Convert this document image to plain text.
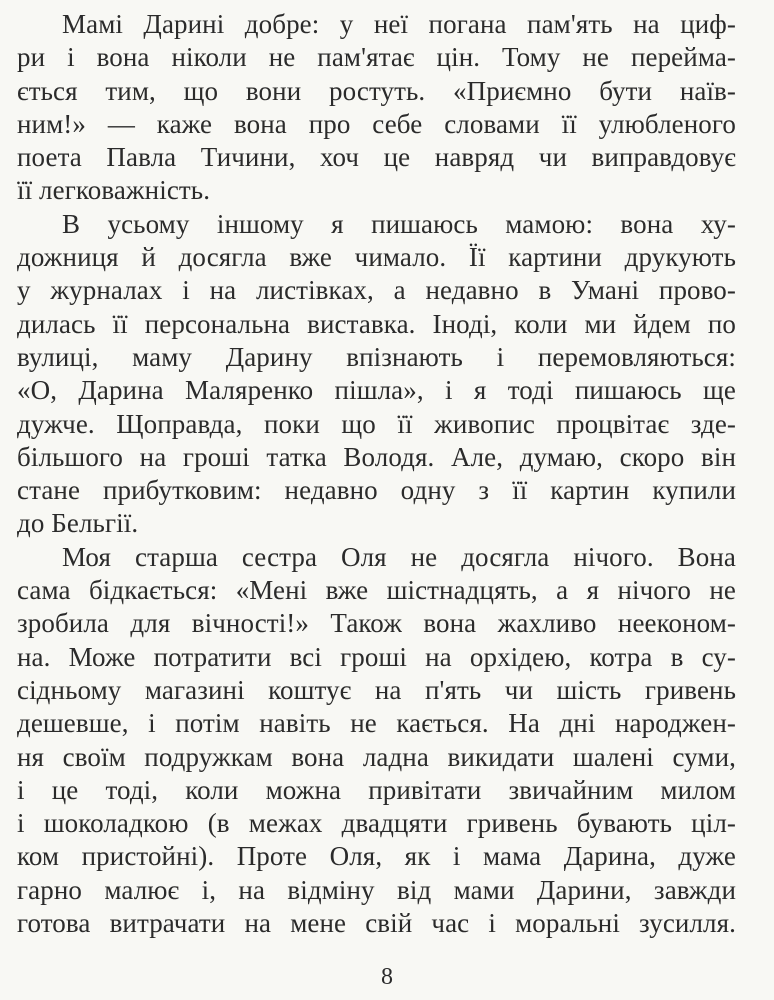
Мамі Дарині добре: у неї погана пам'ять на циф-
ри і вона ніколи не пам'ятає цін. Тому не перейма-
ється тим, що вони ростуть. «Приємно бути наїв-
ним!» — каже вона про себе словами її улюбленого
поета Павла Тичини, хоч це навряд чи виправдовує
її легковажність.

В усьому іншому я пишаюсь мамою: вона ху-
дожниця й досягла вже чимало. Її картини друкують
у журналах і на листівках, а недавно в Умані прово-
дилась її персональна виставка. Іноді, коли ми йдем по
вулиці, маму Дарину впізнають і перемовляються:
«О, Дарина Маляренко пішла», і я тоді пишаюсь ще
дужче. Щоправда, поки що її живопис процвітає зде-
більшого на гроші татка Володя. Але, думаю, скоро він
стане прибутковим: недавно одну з її картин купили
до Бельгії.

Моя старша сестра Оля не досягла нічого. Вона
сама бідкається: «Мені вже шістнадцять, а я нічого не
зробила для вічності!» Також вона жахливо нееконом-
на. Може потратити всі гроші на орхідею, котра в су-
сідньому магазині коштує на п'ять чи шість гривень
дешевше, і потім навіть не кається. На дні народжен-
ня своїм подружкам вона ладна викидати шалені суми,
і це тоді, коли можна привітати звичайним милом
і шоколадкою (в межах двадцяти гривень бувають ціл-
ком пристойні). Проте Оля, як і мама Дарина, дуже
гарно малює і, на відміну від мами Дарини, завжди
готова витрачати на мене свій час і моральні зусилля.

8
